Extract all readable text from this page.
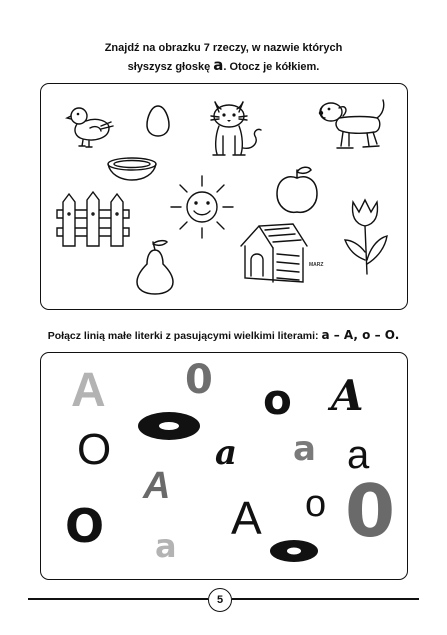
Znajdź na obrazku 7 rzeczy, w nazwie których
słyszysz głoskę a. Otocz je kółkiem.
MARZ
Połącz linią małe literki z pasującymi wielkimi literami: a – A, o – O.
A 0 o A
O	a a a
A
A o 0
O a
5
